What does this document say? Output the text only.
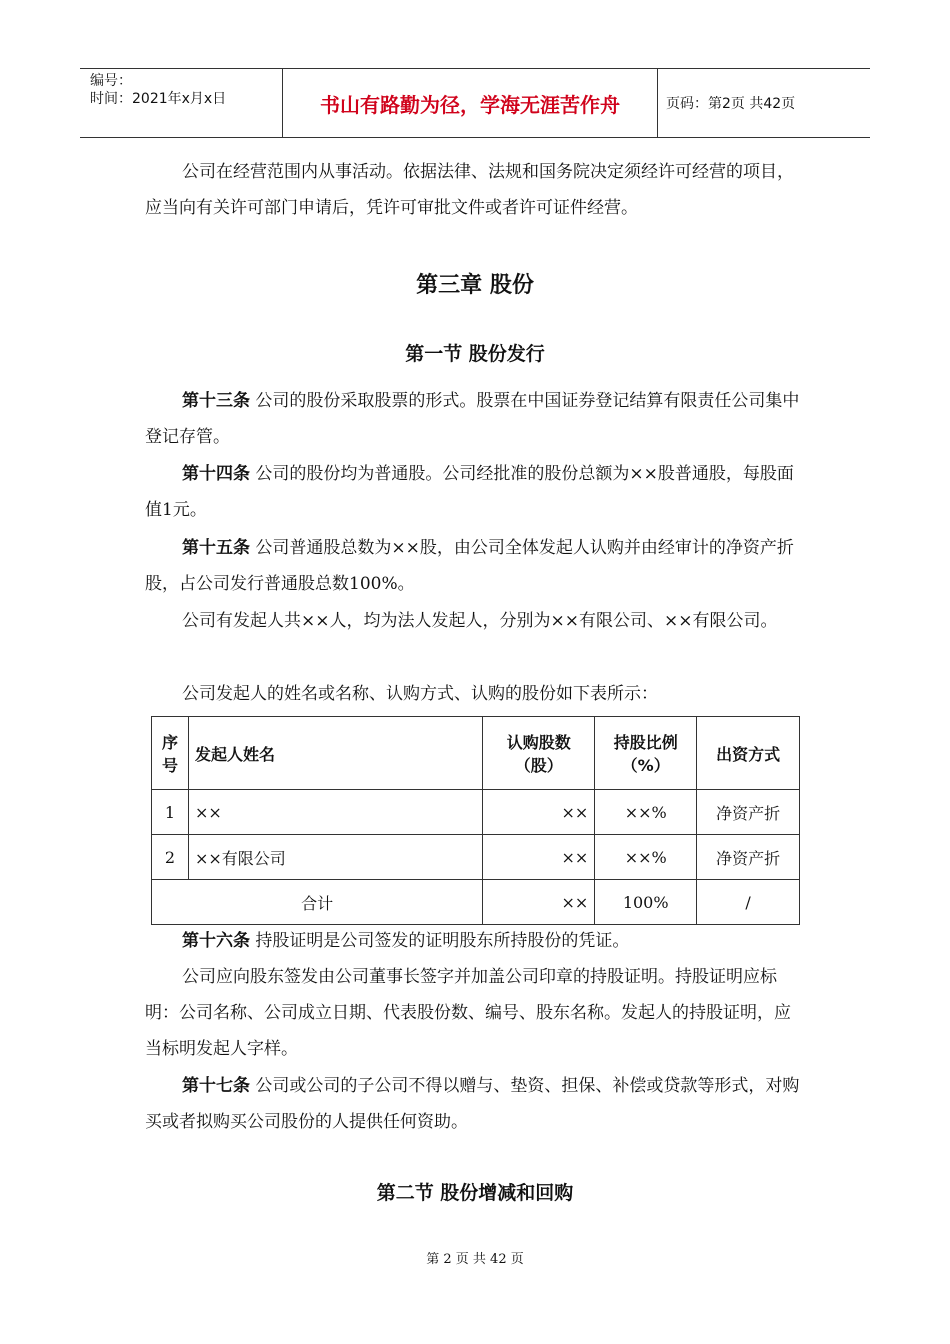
编号：
时间：2021年x月x日	书山有路勤为径，学海无涯苦作舟	页码：第2页 共42页

公司在经营范围内从事活动。依据法律、法规和国务院决定须经许可经营的项目，应当向有关许可部门申请后，凭许可审批文件或者许可证件经营。

第三章 股份
第一节 股份发行

第十三条 公司的股份采取股票的形式。股票在中国证券登记结算有限责任公司集中登记存管。

第十四条 公司的股份均为普通股。公司经批准的股份总额为××股普通股，每股面值1元。

第十五条 公司普通股总数为××股，由公司全体发起人认购并由经审计的净资产折股，占公司发行普通股总数100%。

公司有发起人共××人，均为法人发起人，分别为××有限公司、××有限公司。

公司发起人的姓名或名称、认购方式、认购的股份如下表所示：

序号	发起人姓名	认购股数（股）	持股比例（%）	出资方式
1	××	××	××%	净资产折
2	××有限公司	××	××%	净资产折
合计		××	100%	/

第十六条 持股证明是公司签发的证明股东所持股份的凭证。

公司应向股东签发由公司董事长签字并加盖公司印章的持股证明。持股证明应标明：公司名称、公司成立日期、代表股份数、编号、股东名称。发起人的持股证明，应当标明发起人字样。

第十七条 公司或公司的子公司不得以赠与、垫资、担保、补偿或贷款等形式，对购买或者拟购买公司股份的人提供任何资助。

第二节 股份增减和回购
第 2 页 共 42 页
